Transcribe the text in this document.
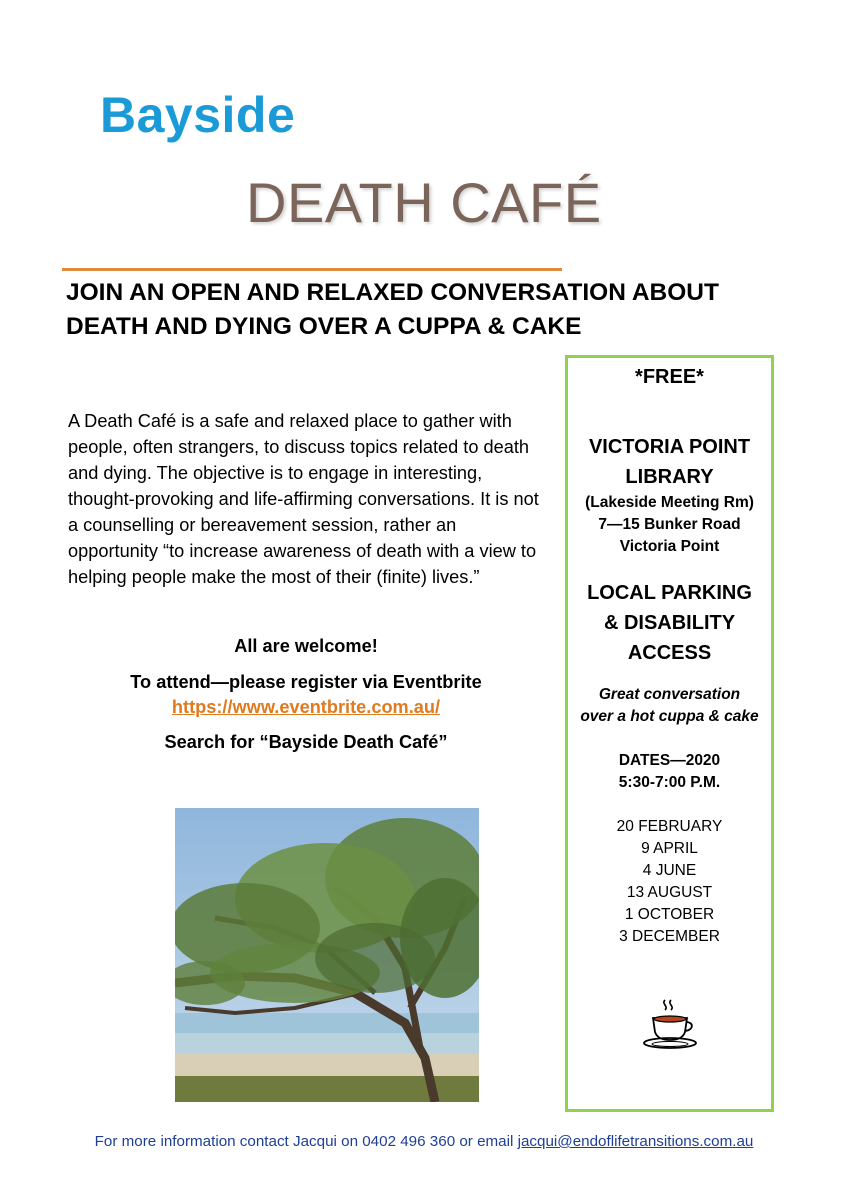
Bayside
DEATH CAFÉ
JOIN AN OPEN AND RELAXED CONVERSATION ABOUT
DEATH AND DYING OVER A CUPPA & CAKE
A Death Café is a safe and relaxed place to gather with people, often strangers, to discuss topics related to death and dying. The objective is to engage in interesting, thought-provoking and life-affirming conversations. It is not a counselling or bereavement session, rather an opportunity “to increase awareness of death with a view to helping people make the most of their (finite) lives.”
All are welcome!
To attend—please register via Eventbrite
https://www.eventbrite.com.au/
Search for “Bayside Death Café”
*FREE*
VICTORIA POINT
LIBRARY
(Lakeside Meeting Rm)
7—15 Bunker Road
Victoria Point
LOCAL PARKING
& DISABILITY
ACCESS
Great conversation
over a hot cuppa & cake
DATES—2020
5:30-7:00 P.M.
20 FEBRUARY
9 APRIL
4 JUNE
13 AUGUST
1 OCTOBER
3 DECEMBER
For more information contact Jacqui on 0402 496 360 or email jacqui@endoflifetransitions.com.au
